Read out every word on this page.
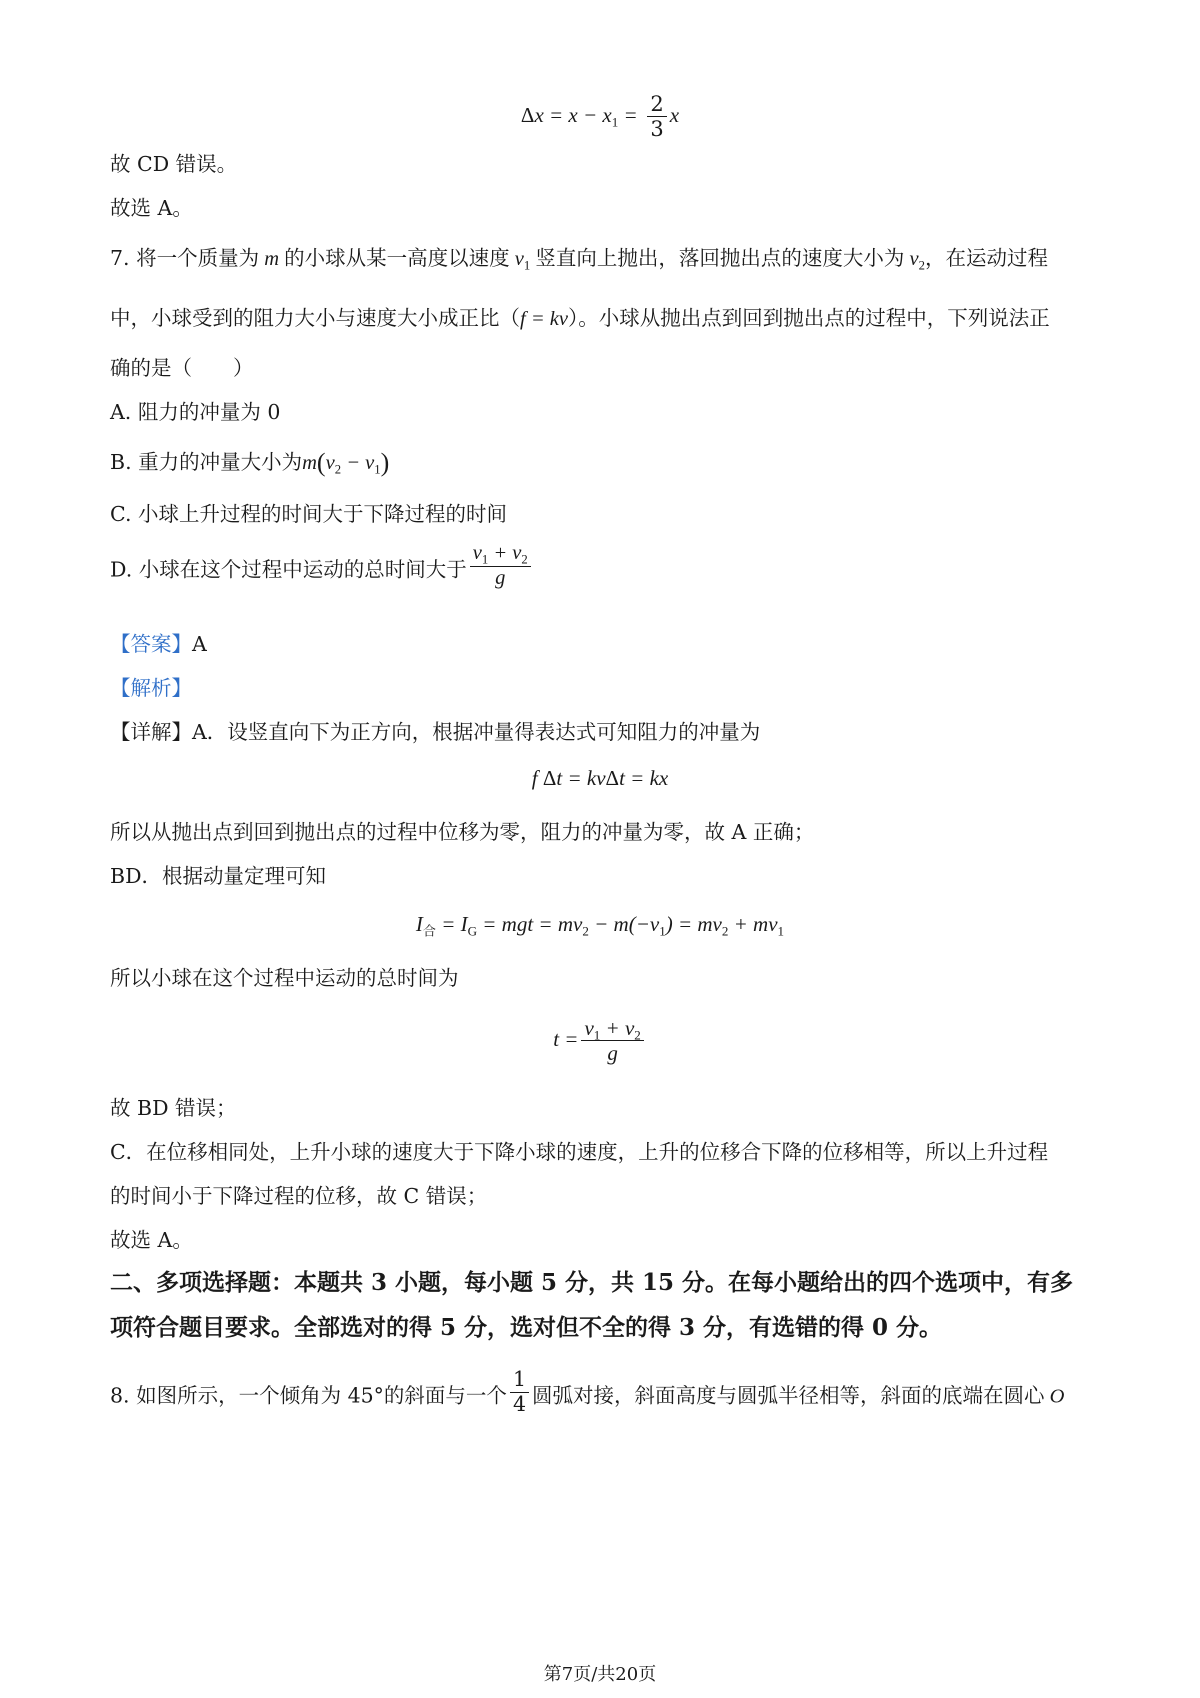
$\Delta x = x - x_1 = \frac{2}{3}$ x
故 CD 错误。
故选 A。
7. 将一个质量为 m 的小球从某一高度以速度 $v_1$ 竖直向上抛出，落回抛出点的速度大小为 $v_2$，在运动过程
中，小球受到的阻力大小与速度大小成正比（f = kv）。小球从抛出点到回到抛出点的过程中，下列说法正
确的是（　　）
A. 阻力的冲量为 0
B. 重力的冲量大小为$m(v_2 - v_1)$
C. 小球上升过程的时间大于下降过程的时间
D. 小球在这个过程中运动的总时间大于 $\frac{v_1 + v_2}{g}$
【答案】A
【解析】
【详解】A．设竖直向下为正方向，根据冲量得表达式可知阻力的冲量为
f Δt = kvΔt = kx
所以从抛出点到回到抛出点的过程中位移为零，阻力的冲量为零，故 A 正确；
BD．根据动量定理可知
$I_合 = I_G$ = mgt = $mv_2 - m(-v_1) = mv_2 + mv_1$
所以小球在这个过程中运动的总时间为
$t = \frac{v_1 + v_2}{g}$
故 BD 错误；
C．在位移相同处，上升小球的速度大于下降小球的速度，上升的位移合下降的位移相等，所以上升过程
的时间小于下降过程的位移，故 C 错误；
故选 A。
二、多项选择题：本题共 3 小题，每小题 5 分，共 15 分。在每小题给出的四个选项中，有多
项符合题目要求。全部选对的得 5 分，选对但不全的得 3 分，有选错的得 0 分。
8. 如图所示，一个倾角为 45°的斜面与一个 $\frac{1}{4}$ 圆弧对接，斜面高度与圆弧半径相等，斜面的底端在圆心 O
第7页/共20页
